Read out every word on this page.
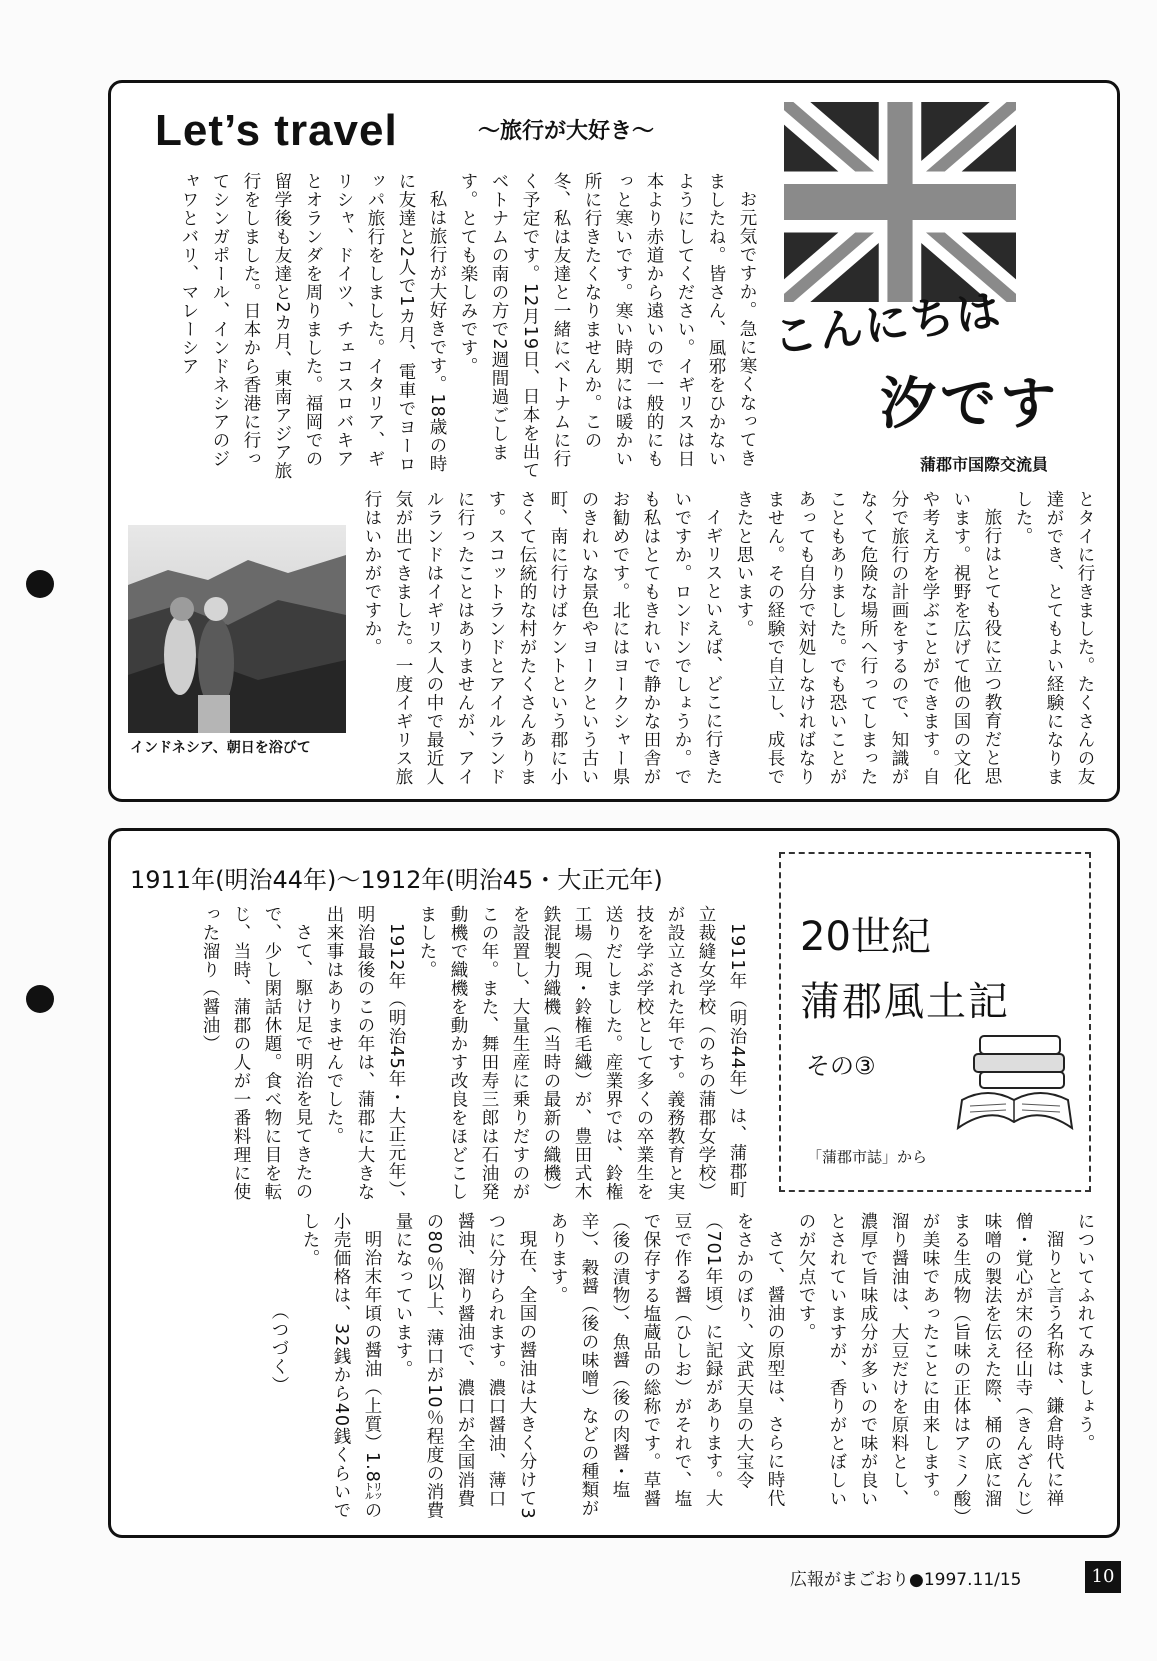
Let’s travel	～旅行が大好き～
こんにちは
汐です
蒲郡市国際交流員

お元気ですか。急に寒くなってきましたね。皆さん、風邪をひかないようにしてください。イギリスは日本より赤道から遠いので一般的にもっと寒いです。寒い時期には暖かい所に行きたくなりませんか。この冬、私は友達と一緒にベトナムに行く予定です。12月19日、日本を出てベトナムの南の方で2週間過ごします。とても楽しみです。

私は旅行が大好きです。18歳の時に友達と2人で1カ月、電車でヨーロッパ旅行をしました。イタリア、ギリシャ、ドイツ、チェコスロバキアとオランダを周りました。福岡での留学後も友達と2カ月、東南アジア旅行をしました。日本から香港に行ってシンガポール、インドネシアのジャワとバリ、マレーシア

とタイに行きました。たくさんの友達ができ、とてもよい経験になりました。

旅行はとても役に立つ教育だと思います。視野を広げて他の国の文化や考え方を学ぶことができます。自分で旅行の計画をするので、知識がなくて危険な場所へ行ってしまったこともありました。でも恐いことがあっても自分で対処しなければなりません。その経験で自立し、成長できたと思います。

イギリスといえば、どこに行きたいですか。ロンドンでしょうか。でも私はとてもきれいで静かな田舎がお勧めです。北にはヨークシャー県のきれいな景色やヨークという古い町、南に行けばケントという郡に小さくて伝統的な村がたくさんあります。スコットランドとアイルランドに行ったことはありませんが、アイルランドはイギリス人の中で最近人気が出てきました。一度イギリス旅行はいかがですか。

インドネシア、朝日を浴びて
1911年(明治44年)～1912年(明治45・大正元年)
20世紀
蒲郡風土記
その③
「蒲郡市誌」から

1911年（明治44年）は、蒲郡町立裁縫女学校（のちの蒲郡女学校）が設立された年です。義務教育と実技を学ぶ学校として多くの卒業生を送りだしました。産業界では、鈴権工場（現・鈴権毛織）が、豊田式木鉄混製力織機（当時の最新の織機）を設置し、大量生産に乗りだすのがこの年。また、舞田寿三郎は石油発動機で織機を動かす改良をほどこしました。

1912年（明治45年・大正元年）、明治最後のこの年は、蒲郡に大きな出来事はありませんでした。

さて、駆け足で明治を見てきたので、少し閑話休題。食べ物に目を転じ、当時、蒲郡の人が一番料理に使った溜り（醤油）

についてふれてみましょう。

溜りと言う名称は、鎌倉時代に禅僧・覚心が宋の径山寺（きんざんじ）味噌の製法を伝えた際、桶の底に溜まる生成物（旨味の正体はアミノ酸）が美味であったことに由来します。溜り醤油は、大豆だけを原料とし、濃厚で旨味成分が多いので味が良いとされていますが、香りがとぼしいのが欠点です。

さて、醤油の原型は、さらに時代をさかのぼり、文武天皇の大宝令（701年頃）に記録があります。大豆で作る醤（ひしお）がそれで、塩で保存する塩蔵品の総称です。草醤（後の漬物）、魚醤（後の肉醤・塩辛）、穀醤（後の味噌）などの種類があります。

現在、全国の醤油は大きく分けて3つに分けられます。濃口醤油、薄口醤油、溜り醤油で、濃口が全国消費の80％以上、薄口が10％程度の消費量になっています。

明治末年頃の醤油（上質）1.8㍑の小売価格は、32銭から40銭くらいでした。

（つづく）

広報がまごおり●1997.11/15	10
